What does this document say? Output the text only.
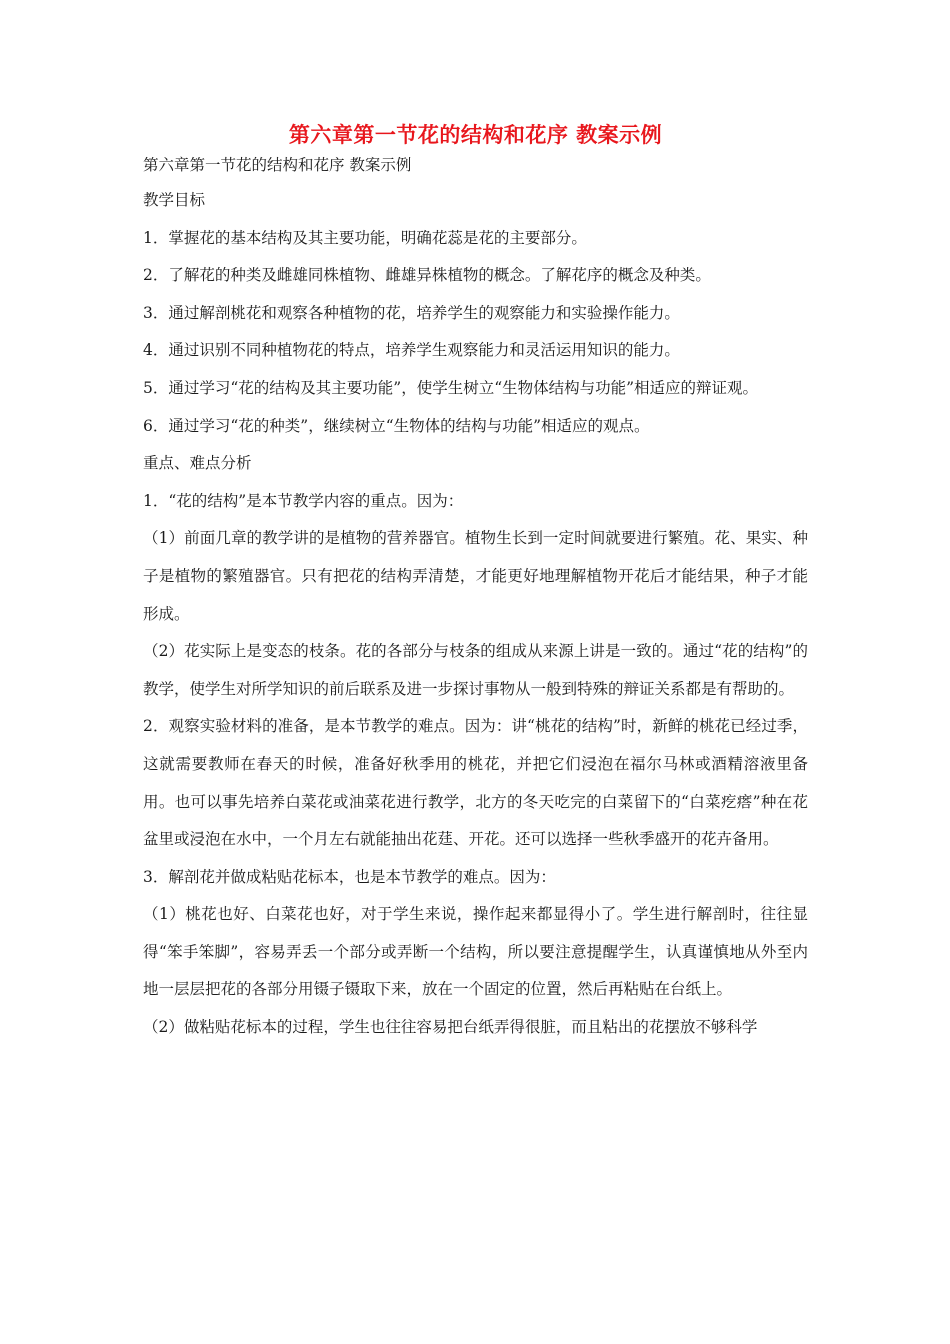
第六章第一节花的结构和花序 教案示例

第六章第一节花的结构和花序 教案示例

教学目标

1．掌握花的基本结构及其主要功能，明确花蕊是花的主要部分。

2．了解花的种类及雌雄同株植物、雌雄异株植物的概念。了解花序的概念及种类。

3．通过解剖桃花和观察各种植物的花，培养学生的观察能力和实验操作能力。

4．通过识别不同种植物花的特点，培养学生观察能力和灵活运用知识的能力。

5．通过学习“花的结构及其主要功能”，使学生树立“生物体结构与功能”相适应的辩证观。

6．通过学习“花的种类”，继续树立“生物体的结构与功能”相适应的观点。

重点、难点分析

1．“花的结构”是本节教学内容的重点。因为：

（1）前面几章的教学讲的是植物的营养器官。植物生长到一定时间就要进行繁殖。花、果实、种子是植物的繁殖器官。只有把花的结构弄清楚，才能更好地理解植物开花后才能结果，种子才能形成。

（2）花实际上是变态的枝条。花的各部分与枝条的组成从来源上讲是一致的。通过“花的结构”的教学，使学生对所学知识的前后联系及进一步探讨事物从一般到特殊的辩证关系都是有帮助的。

2．观察实验材料的准备，是本节教学的难点。因为：讲“桃花的结构”时，新鲜的桃花已经过季，这就需要教师在春天的时候，准备好秋季用的桃花，并把它们浸泡在福尔马林或酒精溶液里备用。也可以事先培养白菜花或油菜花进行教学，北方的冬天吃完的白菜留下的“白菜疙瘩”种在花盆里或浸泡在水中，一个月左右就能抽出花莛、开花。还可以选择一些秋季盛开的花卉备用。

3．解剖花并做成粘贴花标本，也是本节教学的难点。因为：

（1）桃花也好、白菜花也好，对于学生来说，操作起来都显得小了。学生进行解剖时，往往显得“笨手笨脚”，容易弄丢一个部分或弄断一个结构，所以要注意提醒学生，认真谨慎地从外至内地一层层把花的各部分用镊子镊取下来，放在一个固定的位置，然后再粘贴在台纸上。

（2）做粘贴花标本的过程，学生也往往容易把台纸弄得很脏，而且粘出的花摆放不够科学
